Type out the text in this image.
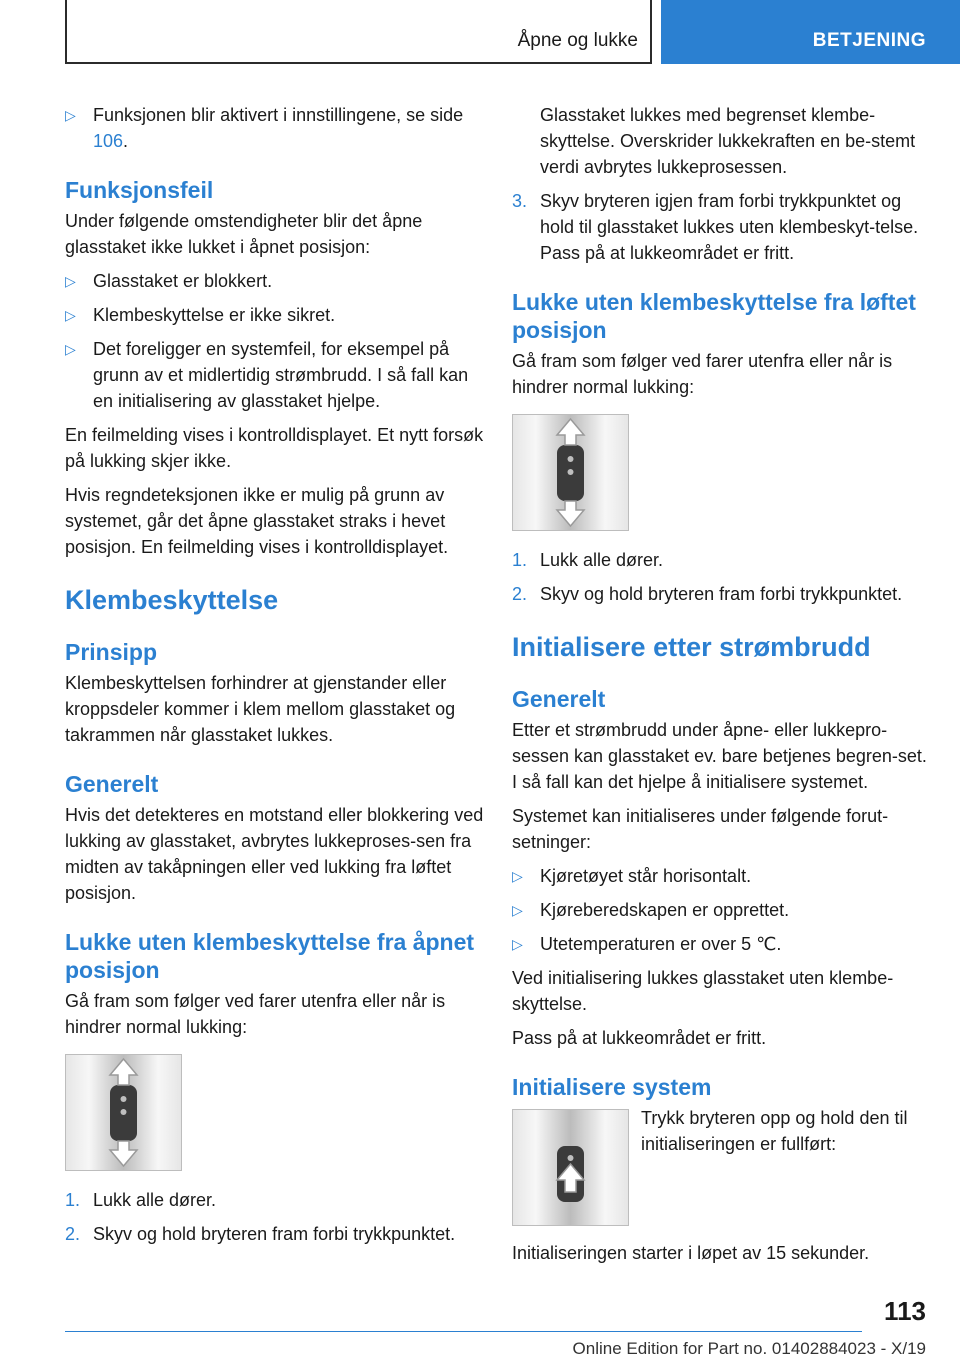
Åpne og lukke	BETJENING
▷ Funksjonen blir aktivert i innstillingene, se side 106.
Funksjonsfeil

Under følgende omstendigheter blir det åpne glasstaket ikke lukket i åpnet posisjon:

▷ Glasstaket er blokkert.
▷ Klembeskyttelse er ikke sikret.
▷ Det foreligger en systemfeil, for eksempel på grunn av et midlertidig strømbrudd. I så fall kan en initialisering av glasstaket hjelpe.

En feilmelding vises i kontrolldisplayet. Et nytt forsøk på lukking skjer ikke.

Hvis regndeteksjonen ikke er mulig på grunn av systemet, går det åpne glasstaket straks i hevet posisjon. En feilmelding vises i kontrolldisplayet.

Klembeskyttelse
Prinsipp

Klembeskyttelsen forhindrer at gjenstander eller kroppsdeler kommer i klem mellom glasstaket og takrammen når glasstaket lukkes.

Generelt

Hvis det detekteres en motstand eller blokkering ved lukking av glasstaket, avbrytes lukkeproses-sen fra midten av takåpningen eller ved lukking fra løftet posisjon.

Lukke uten klembeskyttelse fra åpnet posisjon

Gå fram som følger ved farer utenfra eller når is hindrer normal lukking:

1. Lukk alle dører.
2. Skyv og hold bryteren fram forbi trykkpunktet.

Glasstaket lukkes med begrenset klembe-skyttelse. Overskrider lukkekraften en be-stemt verdi avbrytes lukkeprosessen.

3. Skyv bryteren igjen fram forbi trykkpunktet og hold til glasstaket lukkes uten klembeskyt-telse. Pass på at lukkeområdet er fritt.
Lukke uten klembeskyttelse fra løftet posisjon

Gå fram som følger ved farer utenfra eller når is hindrer normal lukking:

1. Lukk alle dører.
2. Skyv og hold bryteren fram forbi trykkpunktet.
Initialisere etter strømbrudd
Generelt

Etter et strømbrudd under åpne- eller lukkepro-sessen kan glasstaket ev. bare betjenes begren-set. I så fall kan det hjelpe å initialisere systemet.

Systemet kan initialiseres under følgende forut-setninger:

▷ Kjøretøyet står horisontalt.
▷ Kjøreberedskapen er opprettet.
▷ Utetemperaturen er over 5 ℃.

Ved initialisering lukkes glasstaket uten klembe-skyttelse.

Pass på at lukkeområdet er fritt.

Initialisere system

Trykk bryteren opp og hold den til initialiseringen er fullført:

Initialiseringen starter i løpet av 15 sekunder.

113
Online Edition for Part no. 01402884023 - X/19
